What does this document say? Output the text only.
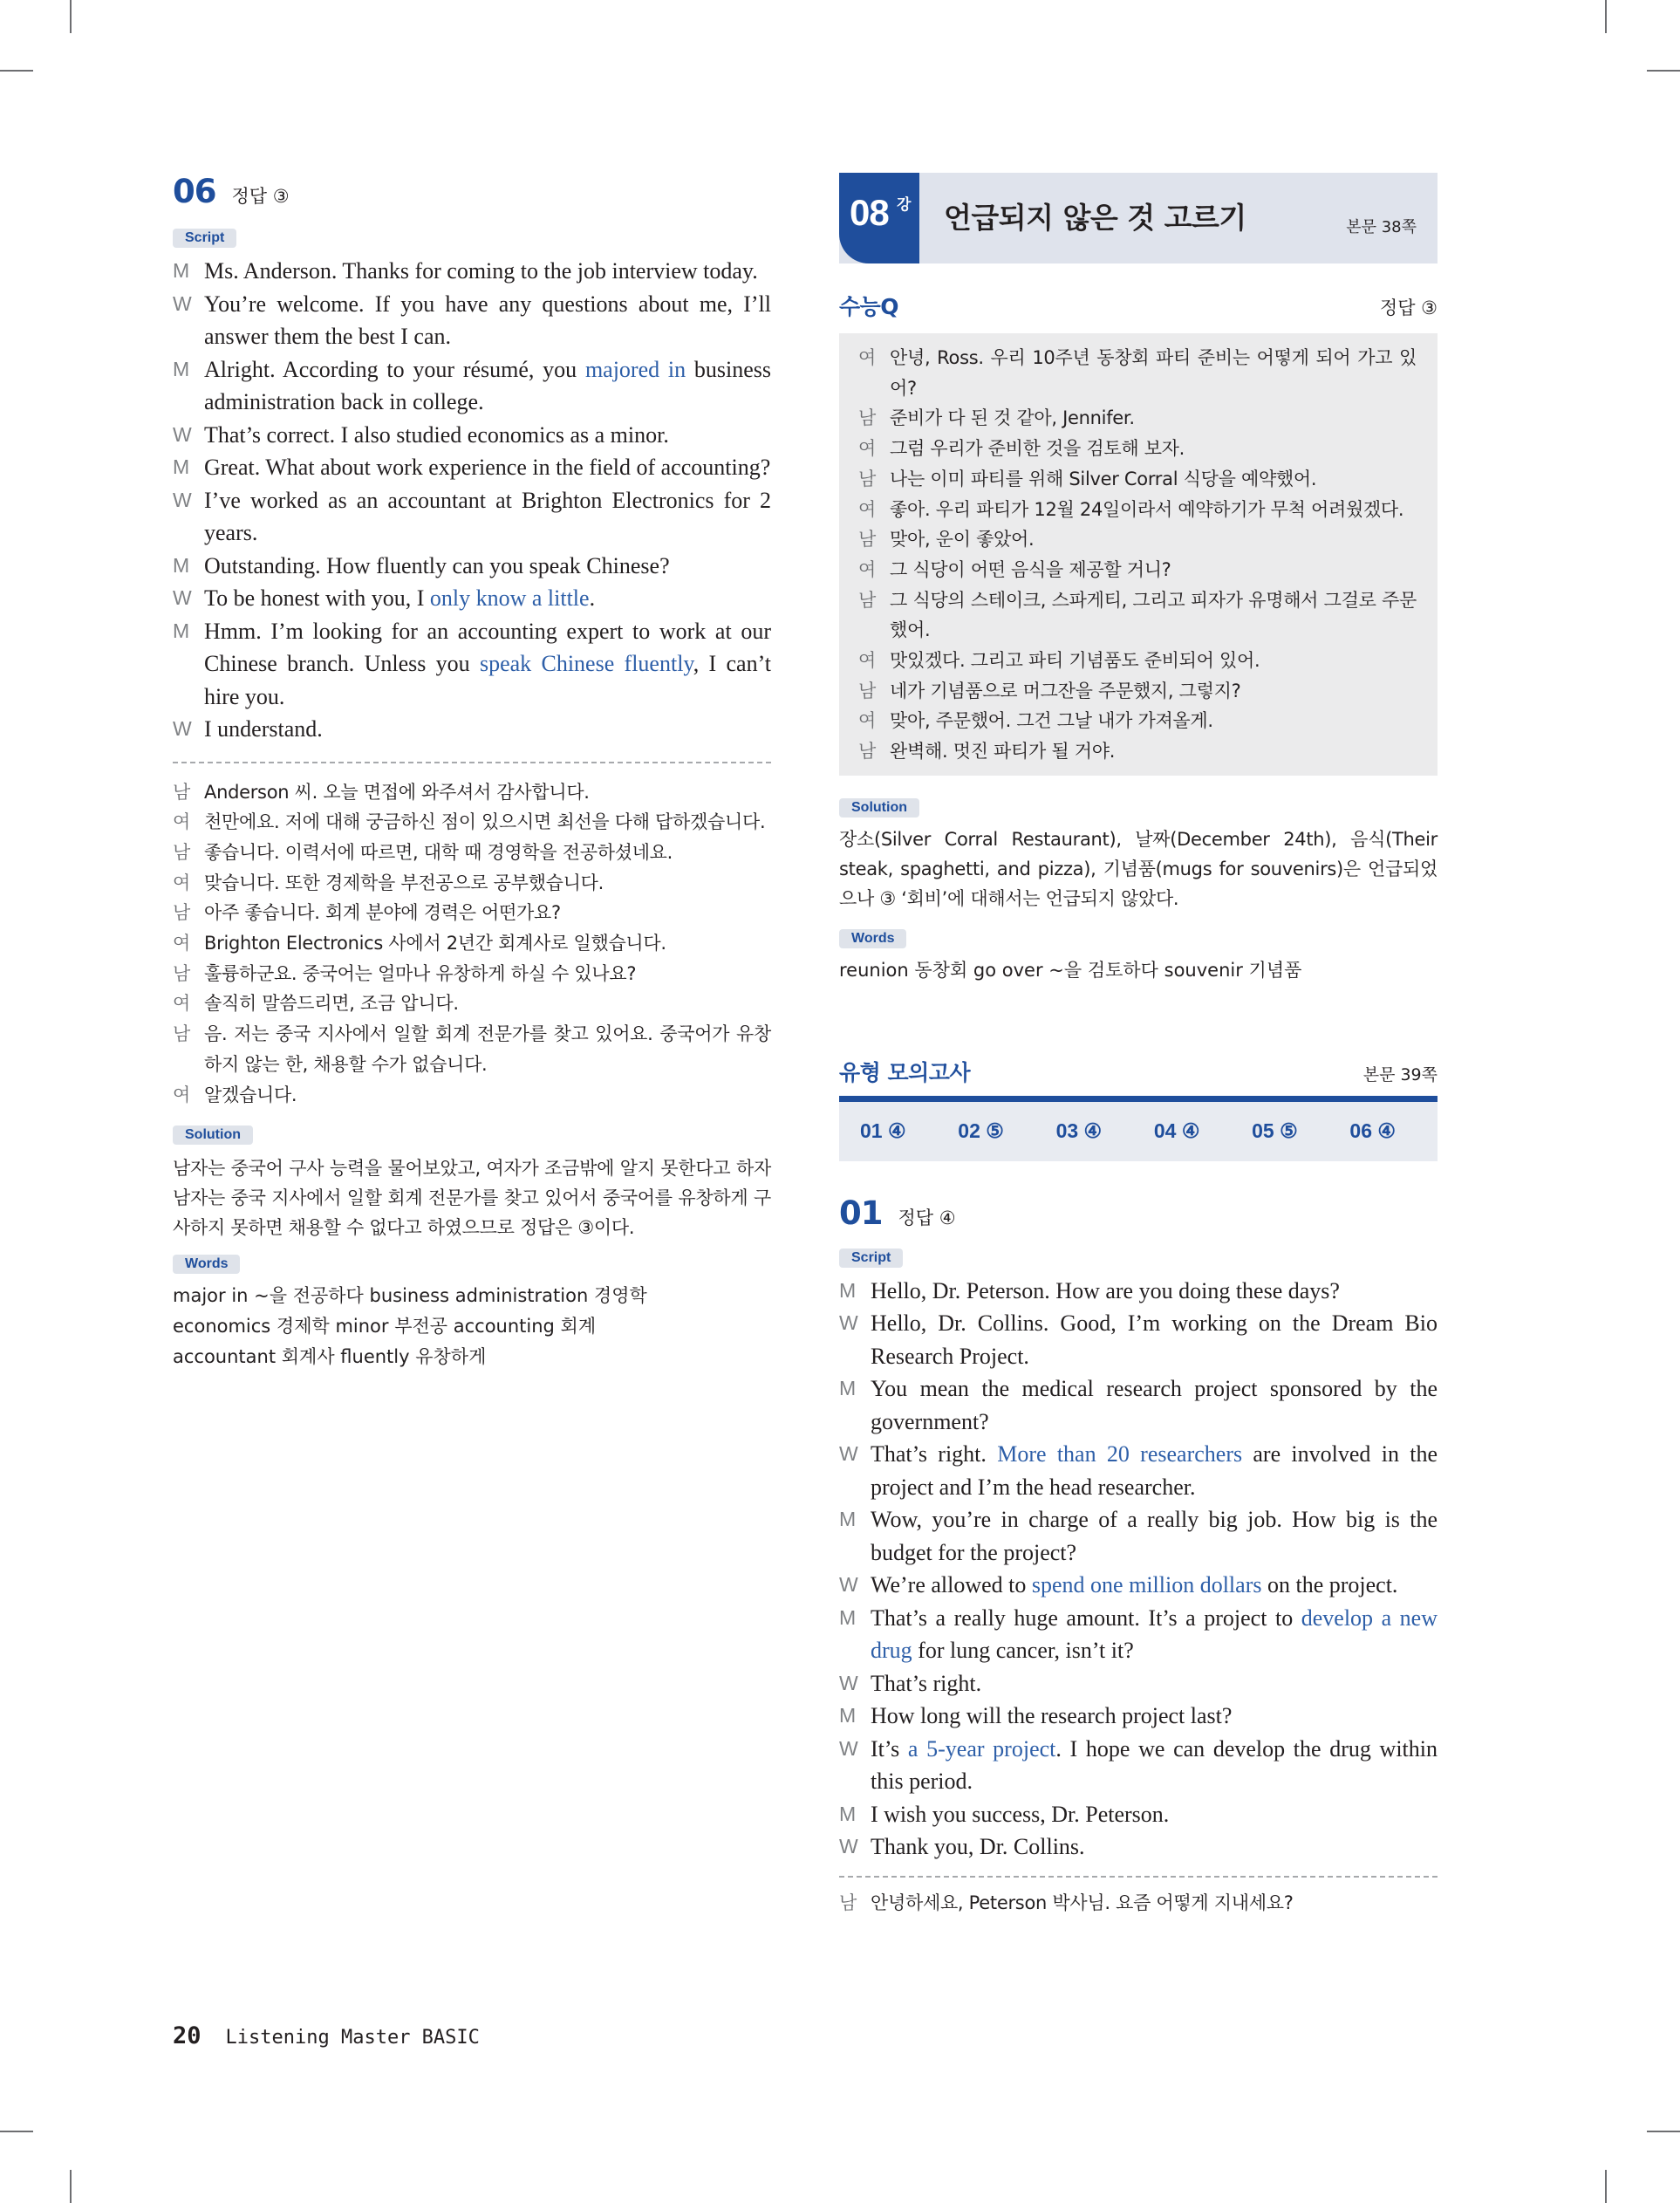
06 정답 ③
Script
M Ms. Anderson. Thanks for coming to the job interview today.
W You’re welcome. If you have any questions about me, I’ll answer them the best I can.
M Alright. According to your résumé, you majored in business administration back in college.
W That’s correct. I also studied economics as a minor.
M Great. What about work experience in the field of accounting?
W I’ve worked as an accountant at Brighton Electronics for 2 years.
M Outstanding. How fluently can you speak Chinese?
W To be honest with you, I only know a little.
M Hmm. I’m looking for an accounting expert to work at our Chinese branch. Unless you speak Chinese fluently, I can’t hire you.
W I understand.
남 Anderson 씨. 오늘 면접에 와주셔서 감사합니다.
여 천만에요. 저에 대해 궁금하신 점이 있으시면 최선을 다해 답하겠습니다.
남 좋습니다. 이력서에 따르면, 대학 때 경영학을 전공하셨네요.
여 맞습니다. 또한 경제학을 부전공으로 공부했습니다.
남 아주 좋습니다. 회계 분야에 경력은 어떤가요?
여 Brighton Electronics 사에서 2년간 회계사로 일했습니다.
남 훌륭하군요. 중국어는 얼마나 유창하게 하실 수 있나요?
여 솔직히 말씀드리면, 조금 압니다.
남 음. 저는 중국 지사에서 일할 회계 전문가를 찾고 있어요. 중국어가 유창하지 않는 한, 채용할 수가 없습니다.
여 알겠습니다.
Solution
남자는 중국어 구사 능력을 물어보았고, 여자가 조금밖에 알지 못한다고 하자 남자는 중국 지사에서 일할 회계 전문가를 찾고 있어서 중국어를 유창하게 구사하지 못하면 채용할 수 없다고 하였으므로 정답은 ③이다.
Words
major in ~을 전공하다 business administration 경영학
economics 경제학 minor 부전공 accounting 회계
accountant 회계사 fluently 유창하게
08 강 언급되지 않은 것 고르기	본문 38쪽
수능Q	정답 ③
여 안녕, Ross. 우리 10주년 동창회 파티 준비는 어떻게 되어 가고 있어?
남 준비가 다 된 것 같아, Jennifer.
여 그럼 우리가 준비한 것을 검토해 보자.
남 나는 이미 파티를 위해 Silver Corral 식당을 예약했어.
여 좋아. 우리 파티가 12월 24일이라서 예약하기가 무척 어려웠겠다.
남 맞아, 운이 좋았어.
여 그 식당이 어떤 음식을 제공할 거니?
남 그 식당의 스테이크, 스파게티, 그리고 피자가 유명해서 그걸로 주문했어.
여 맛있겠다. 그리고 파티 기념품도 준비되어 있어.
남 네가 기념품으로 머그잔을 주문했지, 그렇지?
여 맞아, 주문했어. 그건 그날 내가 가져올게.
남 완벽해. 멋진 파티가 될 거야.
Solution
장소(Silver Corral Restaurant), 날짜(December 24th), 음식(Their steak, spaghetti, and pizza), 기념품(mugs for souvenirs)은 언급되었으나 ③ ‘회비’에 대해서는 언급되지 않았다.
Words
reunion 동창회 go over ~을 검토하다 souvenir 기념품
유형 모의고사	본문 39쪽
01 ④	02 ⑤	03 ④	04 ④	05 ⑤	06 ④
01 정답 ④
Script
M Hello, Dr. Peterson. How are you doing these days?
W Hello, Dr. Collins. Good, I’m working on the Dream Bio Research Project.
M You mean the medical research project sponsored by the government?
W That’s right. More than 20 researchers are involved in the project and I’m the head researcher.
M Wow, you’re in charge of a really big job. How big is the budget for the project?
W We’re allowed to spend one million dollars on the project.
M That’s a really huge amount. It’s a project to develop a new drug for lung cancer, isn’t it?
W That’s right.
M How long will the research project last?
W It’s a 5-year project. I hope we can develop the drug within this period.
M I wish you success, Dr. Peterson.
W Thank you, Dr. Collins.
남 안녕하세요, Peterson 박사님. 요즘 어떻게 지내세요?
20 Listening Master BASIC
